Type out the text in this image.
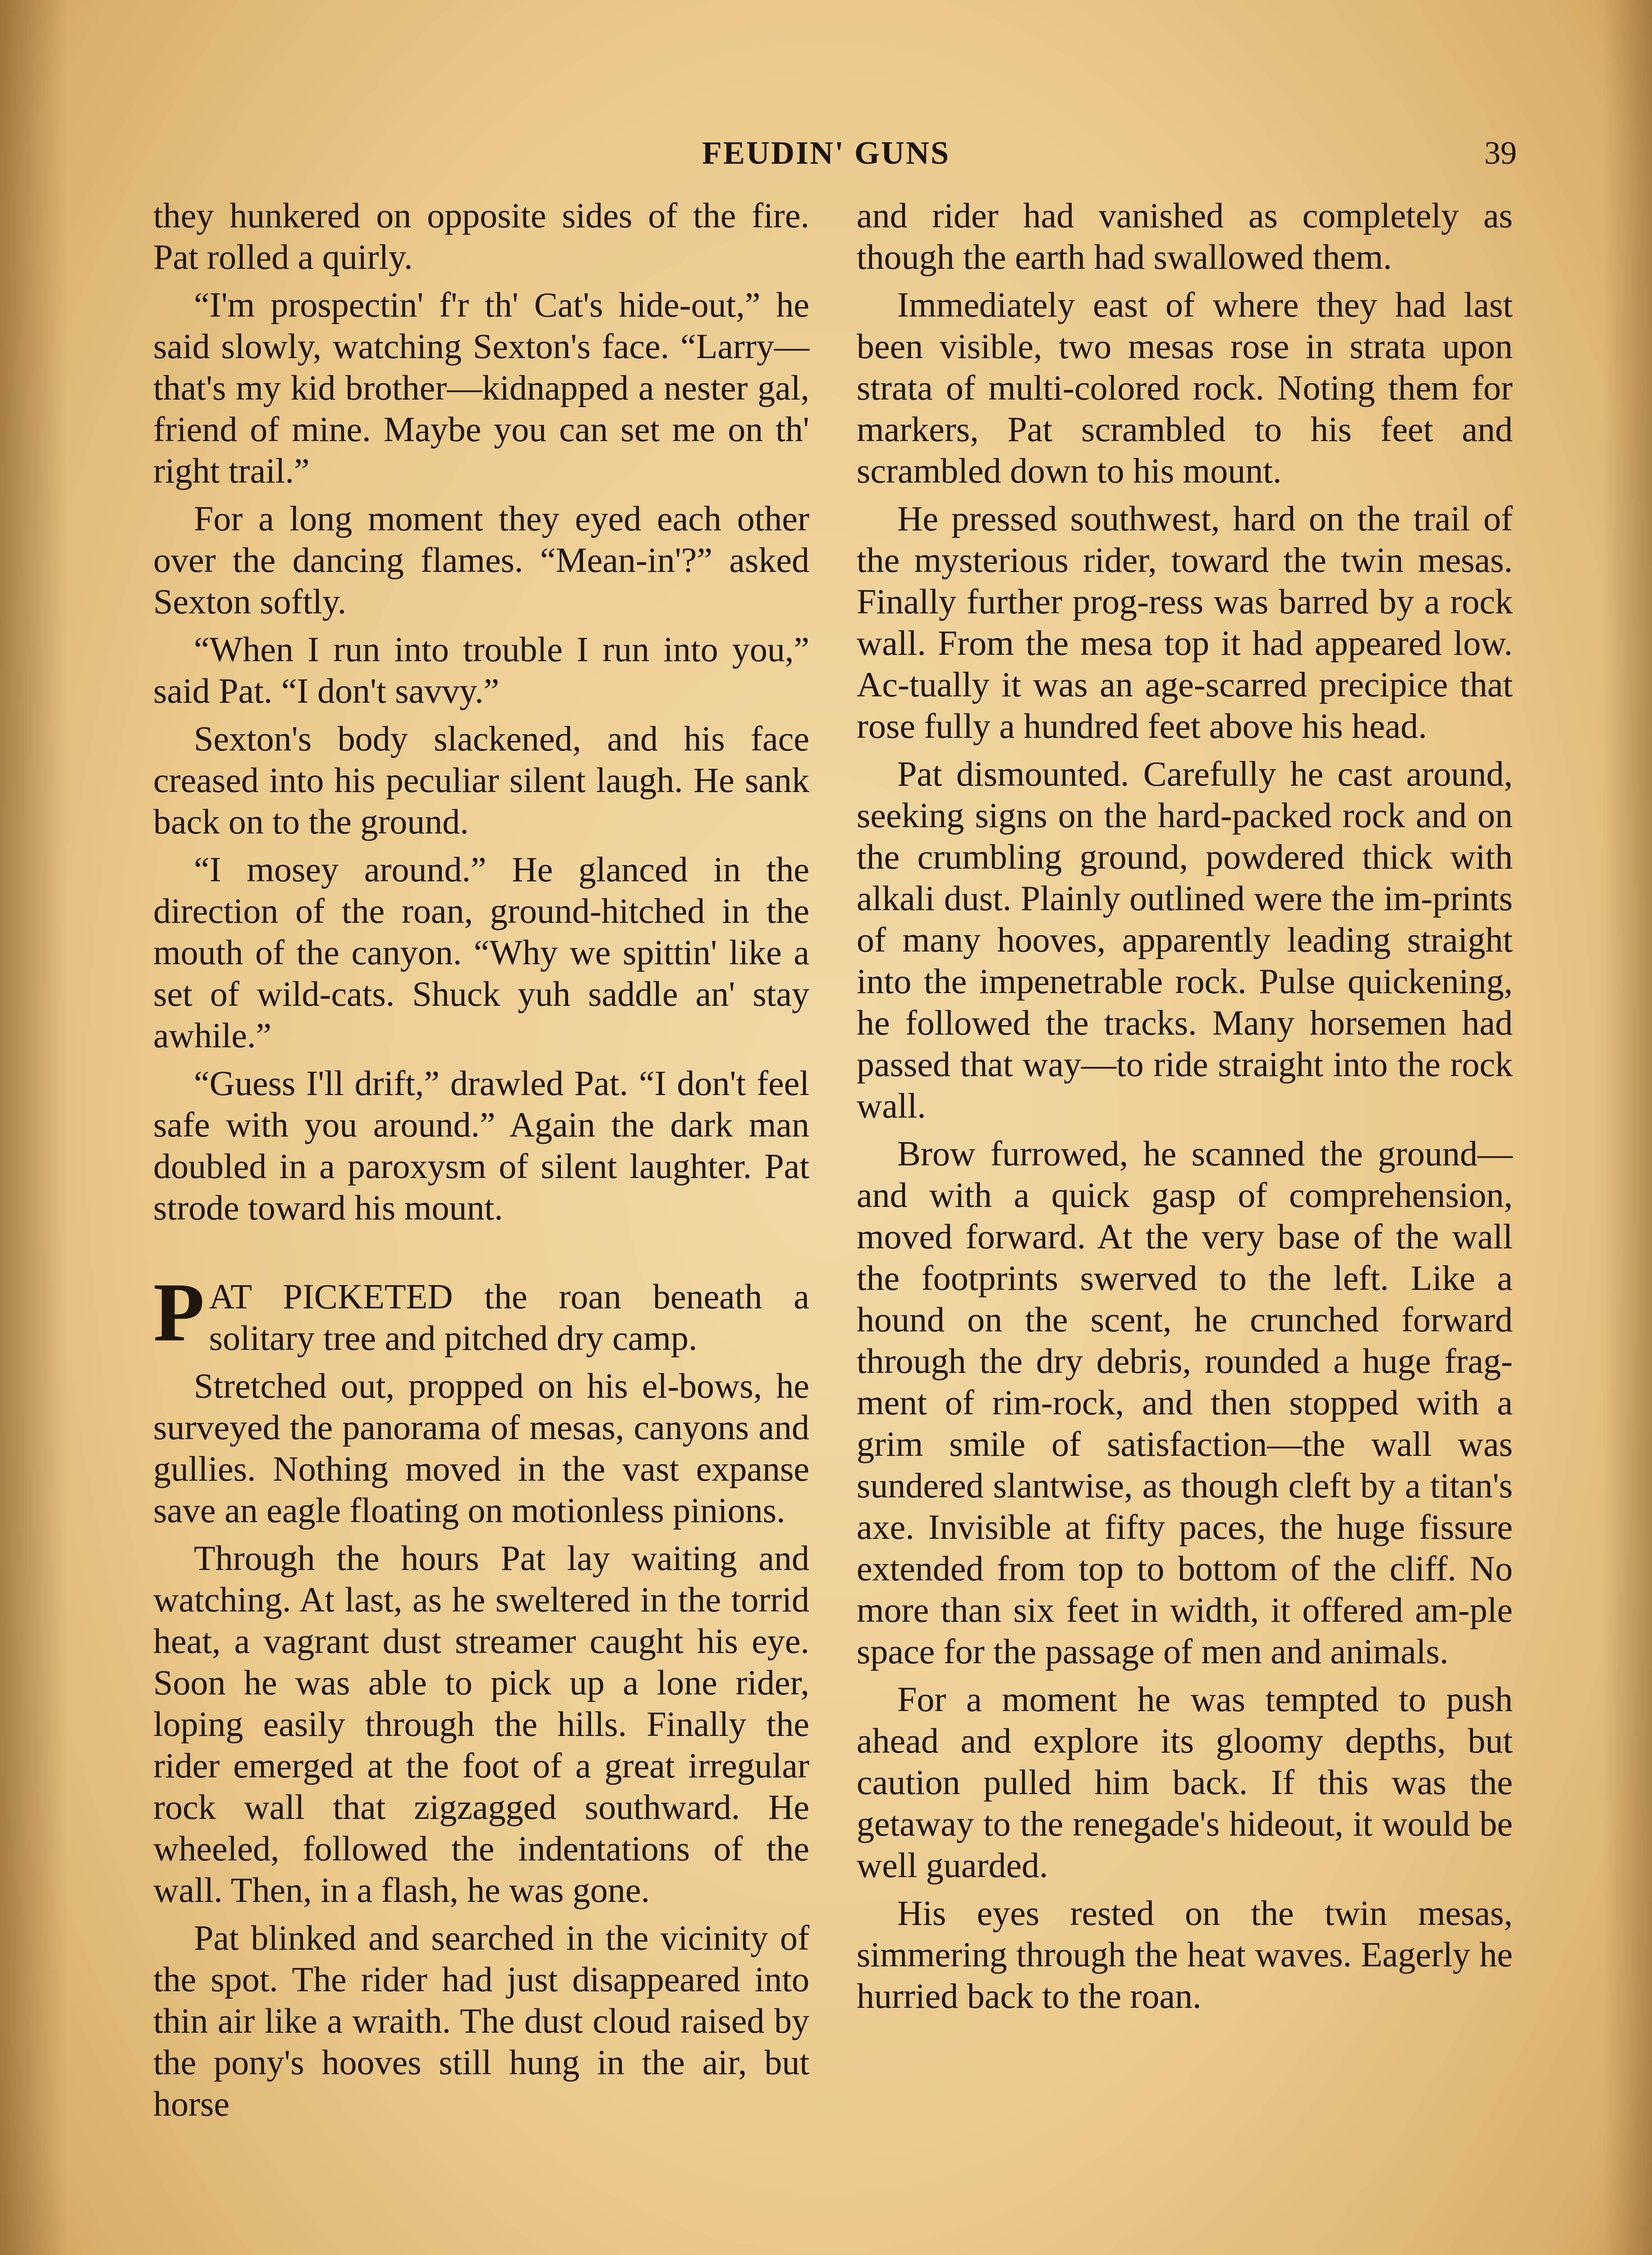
FEUDIN' GUNS	39

they hunkered on opposite sides of the fire. Pat rolled a quirly.

“I'm prospectin' f'r th' Cat's hide-out,” he said slowly, watching Sexton's face. “Larry—that's my kid brother—kidnapped a nester gal, friend of mine. Maybe you can set me on th' right trail.”

For a long moment they eyed each other over the dancing flames. “Mean-in'?” asked Sexton softly.

“When I run into trouble I run into you,” said Pat. “I don't savvy.”

Sexton's body slackened, and his face creased into his peculiar silent laugh. He sank back on to the ground.

“I mosey around.” He glanced in the direction of the roan, ground-hitched in the mouth of the canyon. “Why we spittin' like a set of wild-cats. Shuck yuh saddle an' stay awhile.”

“Guess I'll drift,” drawled Pat. “I don't feel safe with you around.” Again the dark man doubled in a paroxysm of silent laughter. Pat strode toward his mount.

PAT PICKETED the roan beneath a solitary tree and pitched dry camp.

Stretched out, propped on his el-bows, he surveyed the panorama of mesas, canyons and gullies. Nothing moved in the vast expanse save an eagle floating on motionless pinions.

Through the hours Pat lay waiting and watching. At last, as he sweltered in the torrid heat, a vagrant dust streamer caught his eye. Soon he was able to pick up a lone rider, loping easily through the hills. Finally the rider emerged at the foot of a great irregular rock wall that zigzagged southward. He wheeled, followed the indentations of the wall. Then, in a flash, he was gone.

Pat blinked and searched in the vicinity of the spot. The rider had just disappeared into thin air like a wraith. The dust cloud raised by the pony's hooves still hung in the air, but horse

and rider had vanished as completely as though the earth had swallowed them.

Immediately east of where they had last been visible, two mesas rose in strata upon strata of multi-colored rock. Noting them for markers, Pat scrambled to his feet and scrambled down to his mount.

He pressed southwest, hard on the trail of the mysterious rider, toward the twin mesas. Finally further prog-ress was barred by a rock wall. From the mesa top it had appeared low. Ac-tually it was an age-scarred precipice that rose fully a hundred feet above his head.

Pat dismounted. Carefully he cast around, seeking signs on the hard-packed rock and on the crumbling ground, powdered thick with alkali dust. Plainly outlined were the im-prints of many hooves, apparently leading straight into the impenetrable rock. Pulse quickening, he followed the tracks. Many horsemen had passed that way—to ride straight into the rock wall.

Brow furrowed, he scanned the ground—and with a quick gasp of comprehension, moved forward. At the very base of the wall the footprints swerved to the left. Like a hound on the scent, he crunched forward through the dry debris, rounded a huge frag-ment of rim-rock, and then stopped with a grim smile of satisfaction—the wall was sundered slantwise, as though cleft by a titan's axe. Invisible at fifty paces, the huge fissure extended from top to bottom of the cliff. No more than six feet in width, it offered am-ple space for the passage of men and animals.

For a moment he was tempted to push ahead and explore its gloomy depths, but caution pulled him back. If this was the getaway to the renegade's hideout, it would be well guarded.

His eyes rested on the twin mesas, simmering through the heat waves. Eagerly he hurried back to the roan.
